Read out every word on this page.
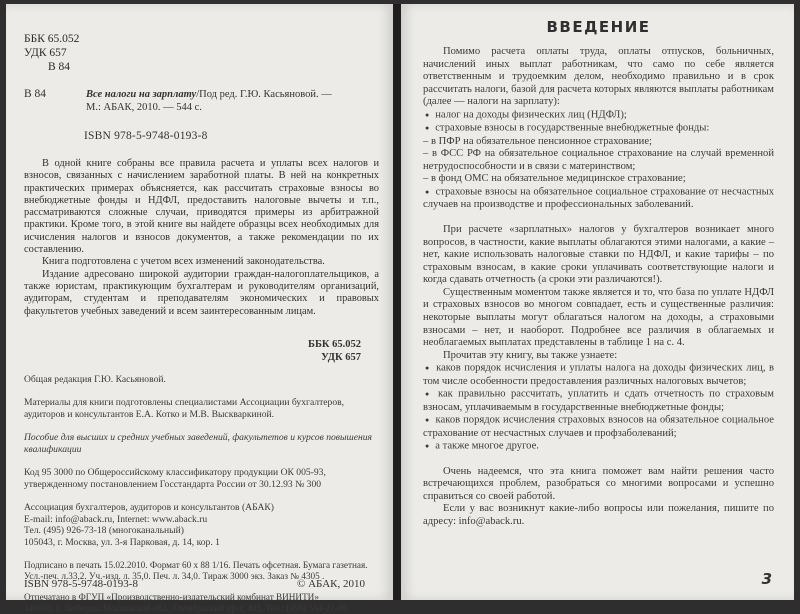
ББК 65.052
УДК 657
В 84
В 84	Все налоги на зарплату/Под ред. Г.Ю. Касьяновой. — М.: АБАК, 2010. — 544 с.
ISBN 978-5-9748-0193-8

В одной книге собраны все правила расчета и уплаты всех налогов и взносов, связанных с начислением заработной платы. В ней на конкретных практических примерах объясняется, как рассчитать страховые взносы во внебюджетные фонды и НДФЛ, предоставить налоговые вычеты и т.п., рассматриваются сложные случаи, приводятся примеры из арбитражной практики. Кроме того, в этой книге вы найдете образцы всех необходимых для исчисления налогов и взносов документов, а также рекомендации по их составлению.

Книга подготовлена с учетом всех изменений законодательства.

Издание адресовано широкой аудитории граждан-налогоплательщиков, а также юристам, практикующим бухгалтерам и руководителям организаций, аудиторам, студентам и преподавателям экономических и правовых факультетов учебных заведений и всем заинтересованным лицам.

ББК 65.052
УДК 657
Общая редакция Г.Ю. Касьяновой.
Материалы для книги подготовлены специалистами Ассоциации бухгалтеров, аудиторов и консультантов Е.А. Котко и М.В. Выскваркиной.
Пособие для высших и средних учебных заведений, факультетов и курсов повышения квалификации
Код 95 3000 по Общероссийскому классификатору продукции ОК 005-93, утвержденному постановлением Госстандарта России от 30.12.93 № 300

Ассоциация бухгалтеров, аудиторов и консультантов (АБАК)

E-mail: info@aback.ru, Internet: www.aback.ru

Тел. (495) 926-73-18 (многоканальный)

105043, г. Москва, ул. 3-я Парковая, д. 14, кор. 1

Подписано в печать 15.02.2010. Формат 60 x 88 1/16. Печать офсетная. Бумага газетная.

Усл.-печ. л.33,2. Уч.-изд. л. 35,0. Печ. л. 34,0. Тираж 3000 экз. Заказ № 4305 .

Отпечатано в ФГУП «Производственно-издательский комбинат ВИНИТИ»

140010, г. Люберцы Московской обл., Октябрьский пр-т, 403. Тел.: (495) 554-21-86

ISBN 978-5-9748-0193-8	© АБАК, 2010
ВВЕДЕНИЕ

Помимо расчета оплаты труда, оплаты отпусков, больничных, начислений иных выплат работникам, что само по себе является ответственным и трудоемким делом, необходимо правильно и в срок рассчитать налоги, базой для расчета которых являются выплаты работникам (далее — налоги на зарплату):

● налог на доходы физических лиц (НДФЛ);

● страховые взносы в государственные внебюджетные фонды:

– в ПФР на обязательное пенсионное страхование;

– в ФСС РФ на обязательное социальное страхование на случай временной нетрудоспособности и в связи с материнством;

– в фонд ОМС на обязательное медицинское страхование;

● страховые взносы на обязательное социальное страхование от несчастных случаев на производстве и профессиональных заболеваний.

При расчете «зарплатных» налогов у бухгалтеров возникает много вопросов, в частности, какие выплаты облагаются этими налогами, а какие – нет, какие использовать налоговые ставки по НДФЛ, и какие тарифы – по страховым взносам, в какие сроки уплачивать соответствующие налоги и когда сдавать отчетность (а сроки эти различаются!).

Существенным моментом также является и то, что база по уплате НДФЛ и страховых взносов во многом совпадает, есть и существенные различия: некоторые выплаты могут облагаться налогом на доходы, а страховыми взносами – нет, и наоборот. Подробнее все различия в облагаемых и необлагаемых выплатах представлены в таблице 1 на с. 4.

Прочитав эту книгу, вы также узнаете:

● каков порядок исчисления и уплаты налога на доходы физических лиц, в том числе особенности предоставления различных налоговых вычетов;

● как правильно рассчитать, уплатить и сдать отчетность по страховым взносам, уплачиваемым в государственные внебюджетные фонды;

● каков порядок исчисления страховых взносов на обязательное социальное страхование от несчастных случаев и профзаболеваний;

● а также многое другое.

Очень надеемся, что эта книга поможет вам найти решения часто встречающихся проблем, разобраться со многими вопросами и успешно справиться со своей работой.

Если у вас возникнут какие-либо вопросы или пожелания, пишите по адресу: info@aback.ru.

3
